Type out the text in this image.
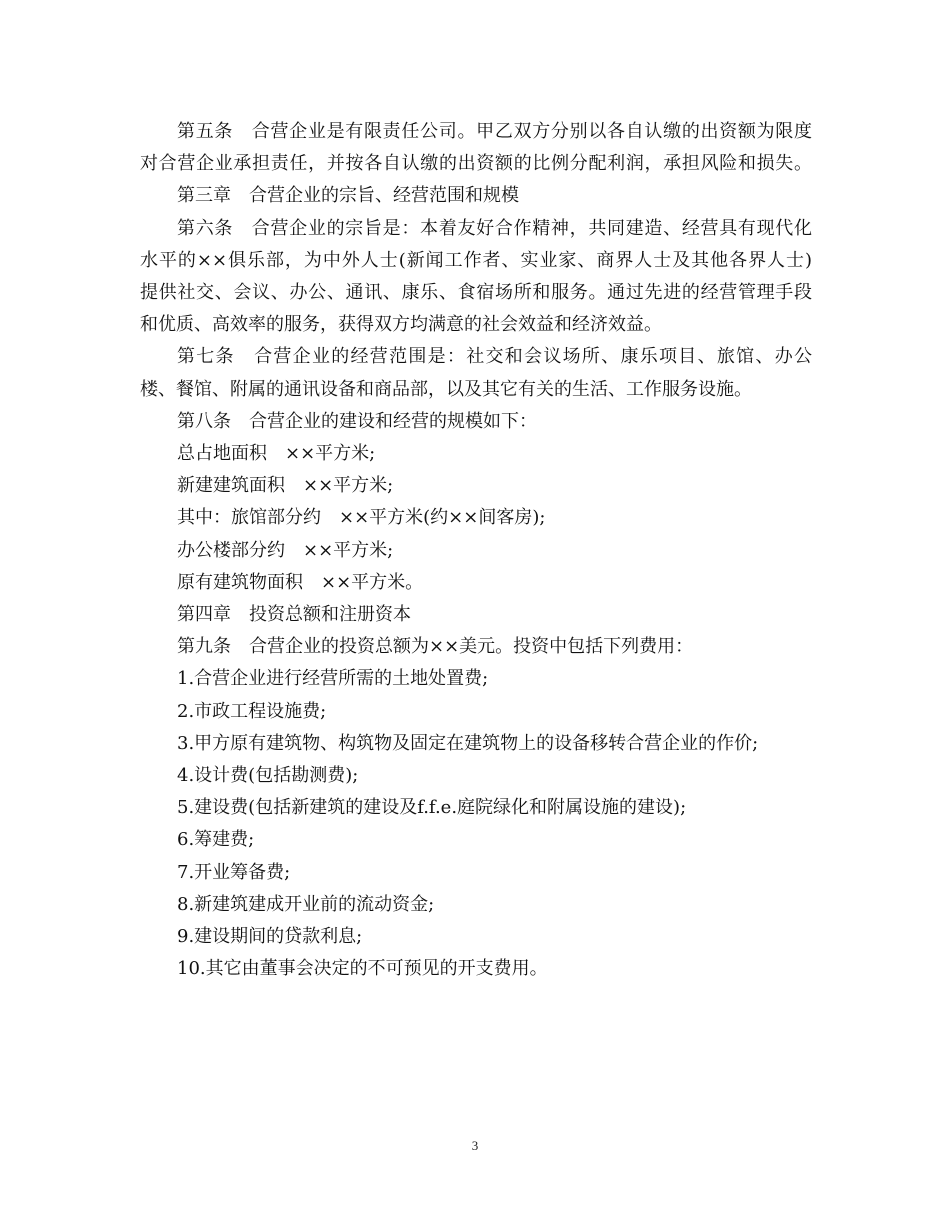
第五条　合营企业是有限责任公司。甲乙双方分别以各自认缴的出资额为限度
对合营企业承担责任，并按各自认缴的出资额的比例分配利润，承担风险和损失。
第三章　合营企业的宗旨、经营范围和规模
第六条　合营企业的宗旨是：本着友好合作精神，共同建造、经营具有现代化
水平的××俱乐部，为中外人士(新闻工作者、实业家、商界人士及其他各界人士)
提供社交、会议、办公、通讯、康乐、食宿场所和服务。通过先进的经营管理手段
和优质、高效率的服务，获得双方均满意的社会效益和经济效益。
第七条　合营企业的经营范围是：社交和会议场所、康乐项目、旅馆、办公
楼、餐馆、附属的通讯设备和商品部，以及其它有关的生活、工作服务设施。
第八条　合营企业的建设和经营的规模如下：
总占地面积　××平方米;
新建建筑面积　××平方米;
其中：旅馆部分约　××平方米(约××间客房);
办公楼部分约　××平方米;
原有建筑物面积　××平方米。
第四章　投资总额和注册资本
第九条　合营企业的投资总额为××美元。投资中包括下列费用：
1.合营企业进行经营所需的土地处置费;
2.市政工程设施费;
3.甲方原有建筑物、构筑物及固定在建筑物上的设备移转合营企业的作价;
4.设计费(包括勘测费);
5.建设费(包括新建筑的建设及f.f.e.庭院绿化和附属设施的建设);
6.筹建费;
7.开业筹备费;
8.新建筑建成开业前的流动资金;
9.建设期间的贷款利息;
10.其它由董事会决定的不可预见的开支费用。
3
